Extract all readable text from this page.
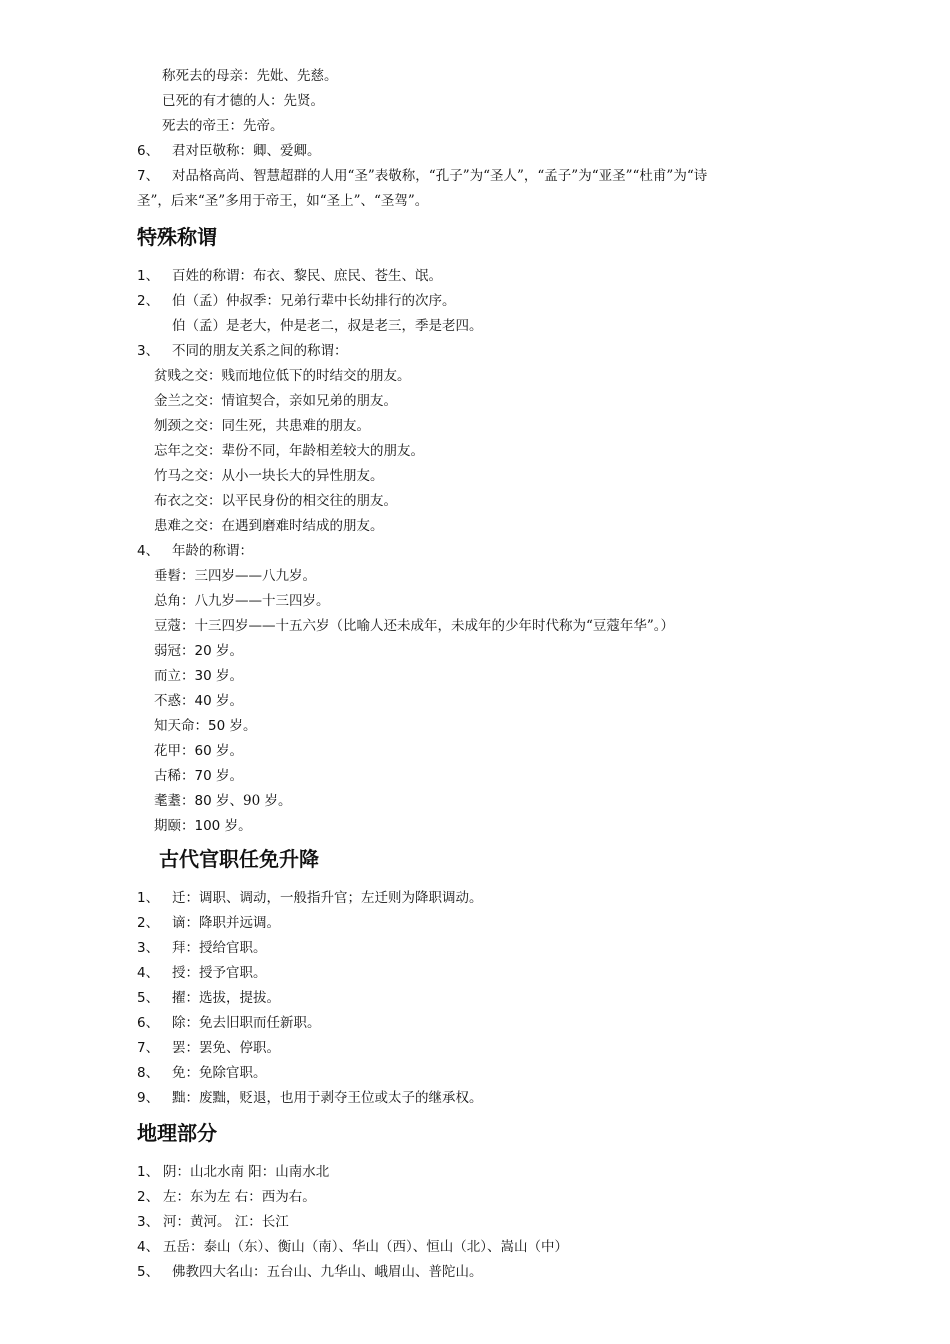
称死去的母亲：先妣、先慈。
已死的有才德的人：先贤。
死去的帝王：先帝。
6、 君对臣敬称：卿、爱卿。
7、 对品格高尚、智慧超群的人用“圣”表敬称，“孔子”为“圣人”，“孟子”为“亚圣”“杜甫”为“诗
圣”，后来“圣”多用于帝王，如“圣上”、“圣驾”。
特殊称谓
1、 百姓的称谓：布衣、黎民、庶民、苍生、氓。
2、 伯（孟）仲叔季：兄弟行辈中长幼排行的次序。
伯（孟）是老大，仲是老二，叔是老三，季是老四。
3、 不同的朋友关系之间的称谓：
贫贱之交：贱而地位低下的时结交的朋友。
金兰之交：情谊契合，亲如兄弟的朋友。
刎颈之交：同生死，共患难的朋友。
忘年之交：辈份不同，年龄相差较大的朋友。
竹马之交：从小一块长大的异性朋友。
布衣之交：以平民身份的相交往的朋友。
患难之交：在遇到磨难时结成的朋友。
4、 年龄的称谓：
垂髫：三四岁——八九岁。
总角：八九岁——十三四岁。
豆蔻：十三四岁——十五六岁（比喻人还未成年，未成年的少年时代称为“豆蔻年华”。）
弱冠：20 岁。
而立：30 岁。
不惑：40 岁。
知天命：50 岁。
花甲：60 岁。
古稀：70 岁。
耄耋：80 岁、90 岁。
期颐：100 岁。
古代官职任免升降
1、 迁：调职、调动，一般指升官；左迁则为降职调动。
2、 谪：降职并远调。
3、 拜：授给官职。
4、 授：授予官职。
5、 擢：选拔，提拔。
6、 除：免去旧职而任新职。
7、 罢：罢免、停职。
8、 免：免除官职。
9、 黜：废黜，贬退，也用于剥夺王位或太子的继承权。
地理部分
1、 阴：山北水南 阳：山南水北
2、 左：东为左 右：西为右。
3、 河：黄河。 江：长江
4、 五岳：泰山（东）、衡山（南）、华山（西）、恒山（北）、嵩山（中）
5、 佛教四大名山：五台山、九华山、峨眉山、普陀山。
